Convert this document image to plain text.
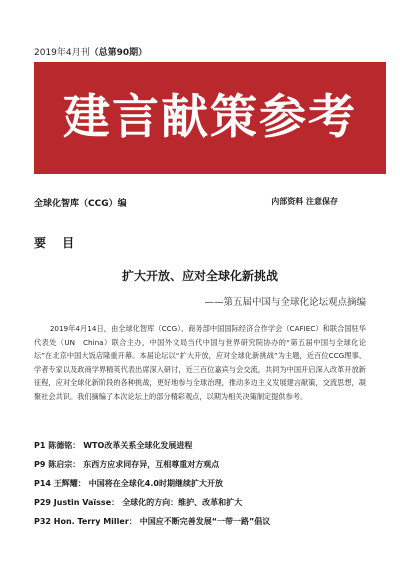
2019年4月刊（总第90期）
建言献策参考
全球化智库（CCG）编	内部资料 注意保存
要 目
扩大开放、应对全球化新挑战
——第五届中国与全球化论坛观点摘编

2019年4月14日，由全球化智库（CCG）、商务部中国国际经济合作学会（CAFIEC）和联合国驻华代表处（UN　China）联合主办，中国外文局当代中国与世界研究院协办的“第五届中国与全球化论坛”在北京中国大饭店隆重开幕。本届论坛以“扩大开放，应对全球化新挑战”为主题，近百位CCG理事、学者专家以及政商学界精英代表出席深入研讨，近三百位嘉宾与会交流，共同为中国开启深入改革开放新征程，应对全球化新阶段的各种挑战，更好地参与全球治理，推动多边主义发展建言献策，交流思想，凝聚社会共识。我们摘编了本次论坛上的部分精彩观点，以期为相关决策制定提供参考。

P1 陈德铭： WTO改革关系全球化发展进程
P9 陈启宗： 东西方应求同存异，互相尊重对方观点
P14 王辉耀： 中国将在全球化4.0时期继续扩大开放
P29 Justin Vaïsse： 全球化的方向：维护、改革和扩大
P32 Hon. Terry Miller： 中国应不断完善发展“一带一路”倡议
